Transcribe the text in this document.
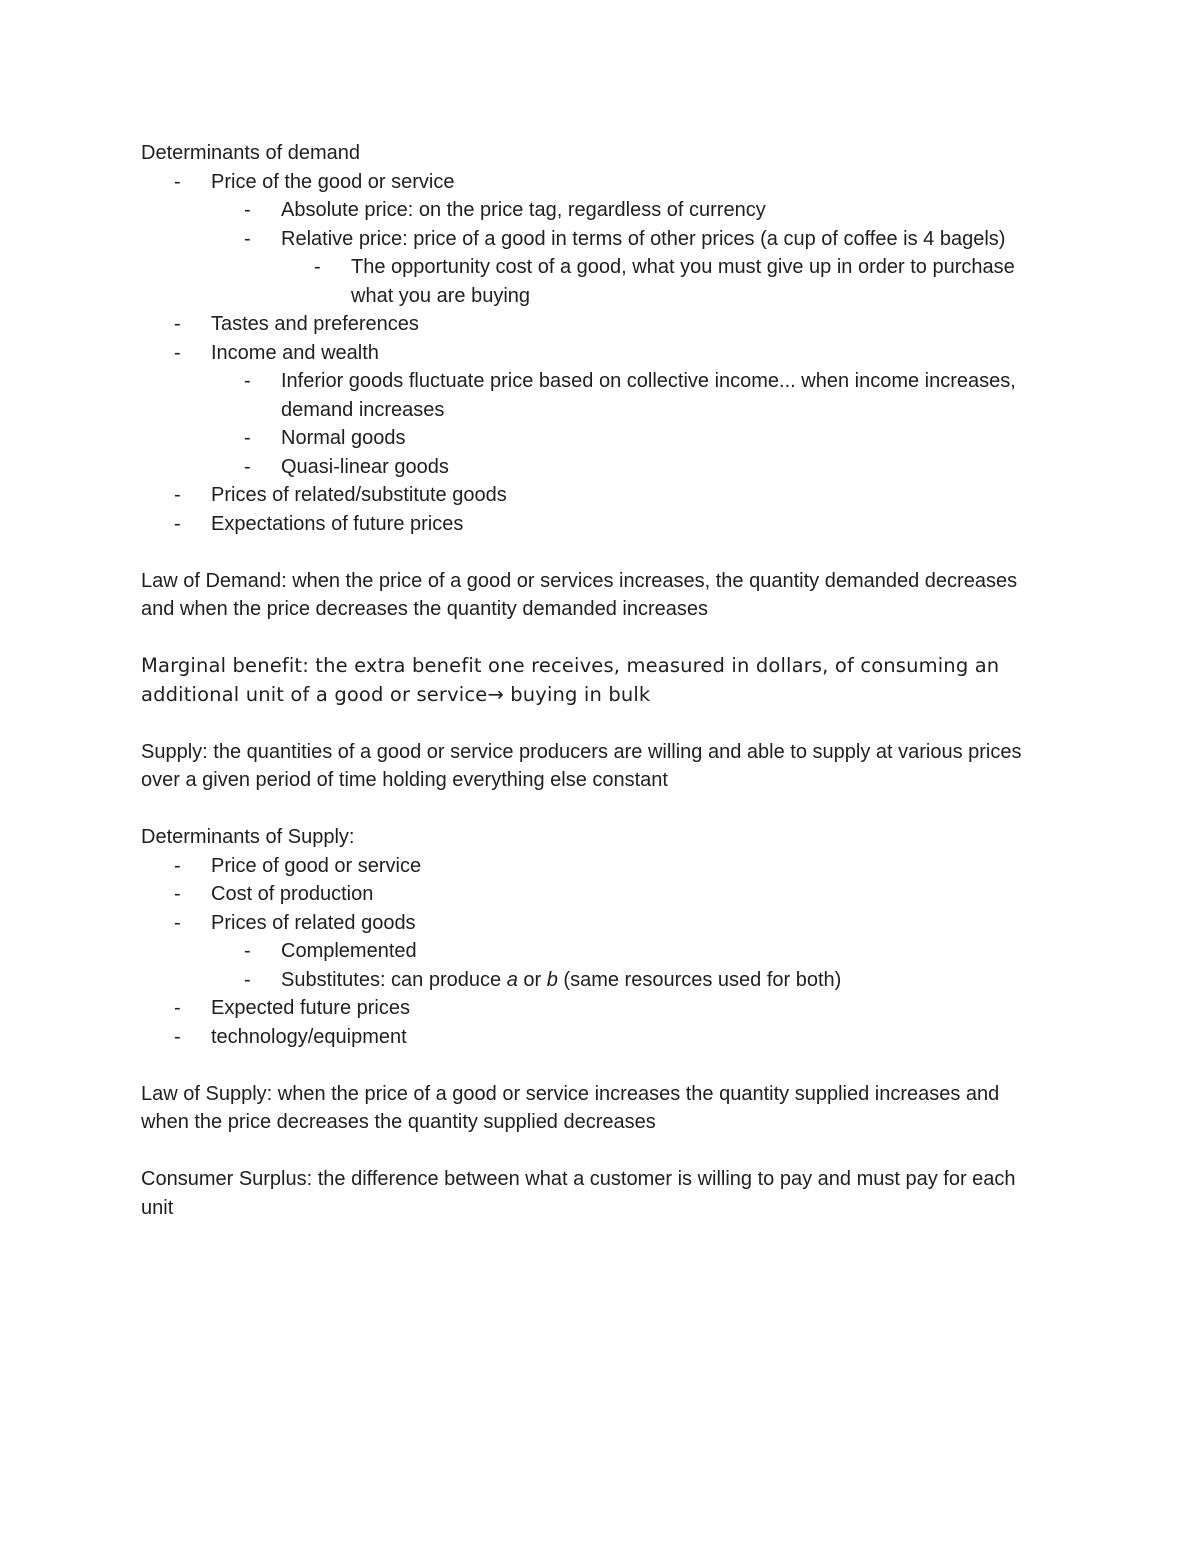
Determinants of demand

- Price of the good or service
- Absolute price: on the price tag, regardless of currency
- Relative price: price of a good in terms of other prices (a cup of coffee is 4 bagels)
- The opportunity cost of a good, what you must give up in order to purchase what you are buying
- Tastes and preferences
- Income and wealth
- Inferior goods fluctuate price based on collective income... when income increases, demand increases
- Normal goods
- Quasi-linear goods
- Prices of related/substitute goods
- Expectations of future prices

Law of Demand: when the price of a good or services increases, the quantity demanded decreases and when the price decreases the quantity demanded increases

Marginal benefit: the extra benefit one receives, measured in dollars, of consuming an additional unit of a good or service→ buying in bulk

Supply: the quantities of a good or service producers are willing and able to supply at various prices over a given period of time holding everything else constant

Determinants of Supply:

- Price of good or service
- Cost of production
- Prices of related goods
- Complemented
- Substitutes: can produce a or b (same resources used for both)
- Expected future prices
- technology/equipment

Law of Supply: when the price of a good or service increases the quantity supplied increases and when the price decreases the quantity supplied decreases

Consumer Surplus: the difference between what a customer is willing to pay and must pay for each unit
